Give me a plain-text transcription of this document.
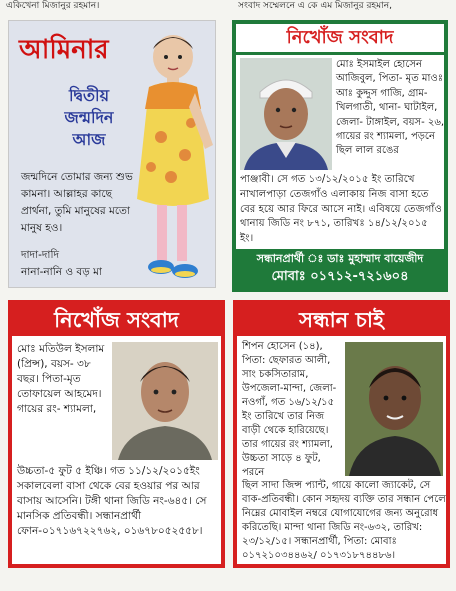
একিখেনা মিজানুর রহমান।	সংবাদ সম্মেলনে এ কে এম মিজানুর রহমান,
আমিনার
দ্বিতীয়
জন্মদিন
আজ
জন্মদিনে তোমার জন্য শুভ কামনা। আল্লাহর কাছে প্রার্থনা, তুমি মানুষের মতো মানুষ হও।
দাদা-দাদি
নানা-নানি ও বড় মা
নিখোঁজ সংবাদ
মোঃ ইসমাইল হোসেন আজিবুল, পিতা- মৃত মাওঃ আঃ কুদ্দুস গাজি, গ্রাম- খিলগাতী, থানা- ঘাটাইল, জেলা- টাঙ্গাইল, বয়স- ২৬, গায়ের রং শ্যামলা, পড়নে ছিল লাল রঙের
পাঞ্জাবী। সে গত ১৩/১২/২০১৫ ইং তারিখে নাখালপাড়া তেজগাঁও এলাকায় নিজ বাসা হতে বের হয়ে আর ফিরে আসে নাই। এবিষয়ে তেজগাঁও থানায় জিডি নং ৮৭১, তারিখঃ ১৪/১২/২০১৫ ইং।
সন্ধানপ্রার্থী ঃ ডাঃ মুহাম্মাদ বায়েজীদ
মোবাঃ ০১৭১২-৭২১৬০৪
নিখোঁজ সংবাদ
মোঃ মতিউল ইসলাম (প্রিন্স), বয়স- ৩৮ বছর। পিতা-মৃত তোফায়েল আহমেদ। গায়ের রং- শ্যামলা,
উচ্চতা-৫ ফুট ৫ ইঞ্চি। গত ১১/১২/২০১৫ইং সকালবেলা বাসা থেকে বের হওয়ার পর আর বাসায় আসেনি। টঙ্গী থানা জিডি নং-৬৪৫। সে মানসিক প্রতিবন্ধী। সন্ধানপ্রার্থী ফোন-০১৭১৬৭২২৭৬২, ০১৬৭৮০৫২৫৫৮।
সন্ধান চাই
শিপন হোসেন (১৪), পিতা: ছেফারত আলী, সাং চকসিতারাম, উপজেলা-মান্দা, জেলা-নওগাঁ, গত ১৬/১২/১৫ ইং তারিখে তার নিজ বাড়ী থেকে হারিয়েছে। তার গায়ের রং শ্যামলা, উচ্চতা সাড়ে ৪ ফুট, পরনে
ছিল সাদা জিন্স প্যান্ট, গায়ে কালো জ্যাকেট, সে বাক-প্রতিবন্ধী। কোন সহৃদয় ব্যক্তি তার সন্ধান পেলে নিম্নের মোবাইল নম্বরে যোগাযোগের জন্য অনুরোধ করিতেছি। মান্দা থানা জিডি নং-৬৩২, তারিখ: ২৩/১২/১৫। সন্ধানপ্রার্থী, পিতা: মোবাঃ ০১৭২১০৩৪৪৬২/ ০১৭৩১৮৭৪৪৮৬।
